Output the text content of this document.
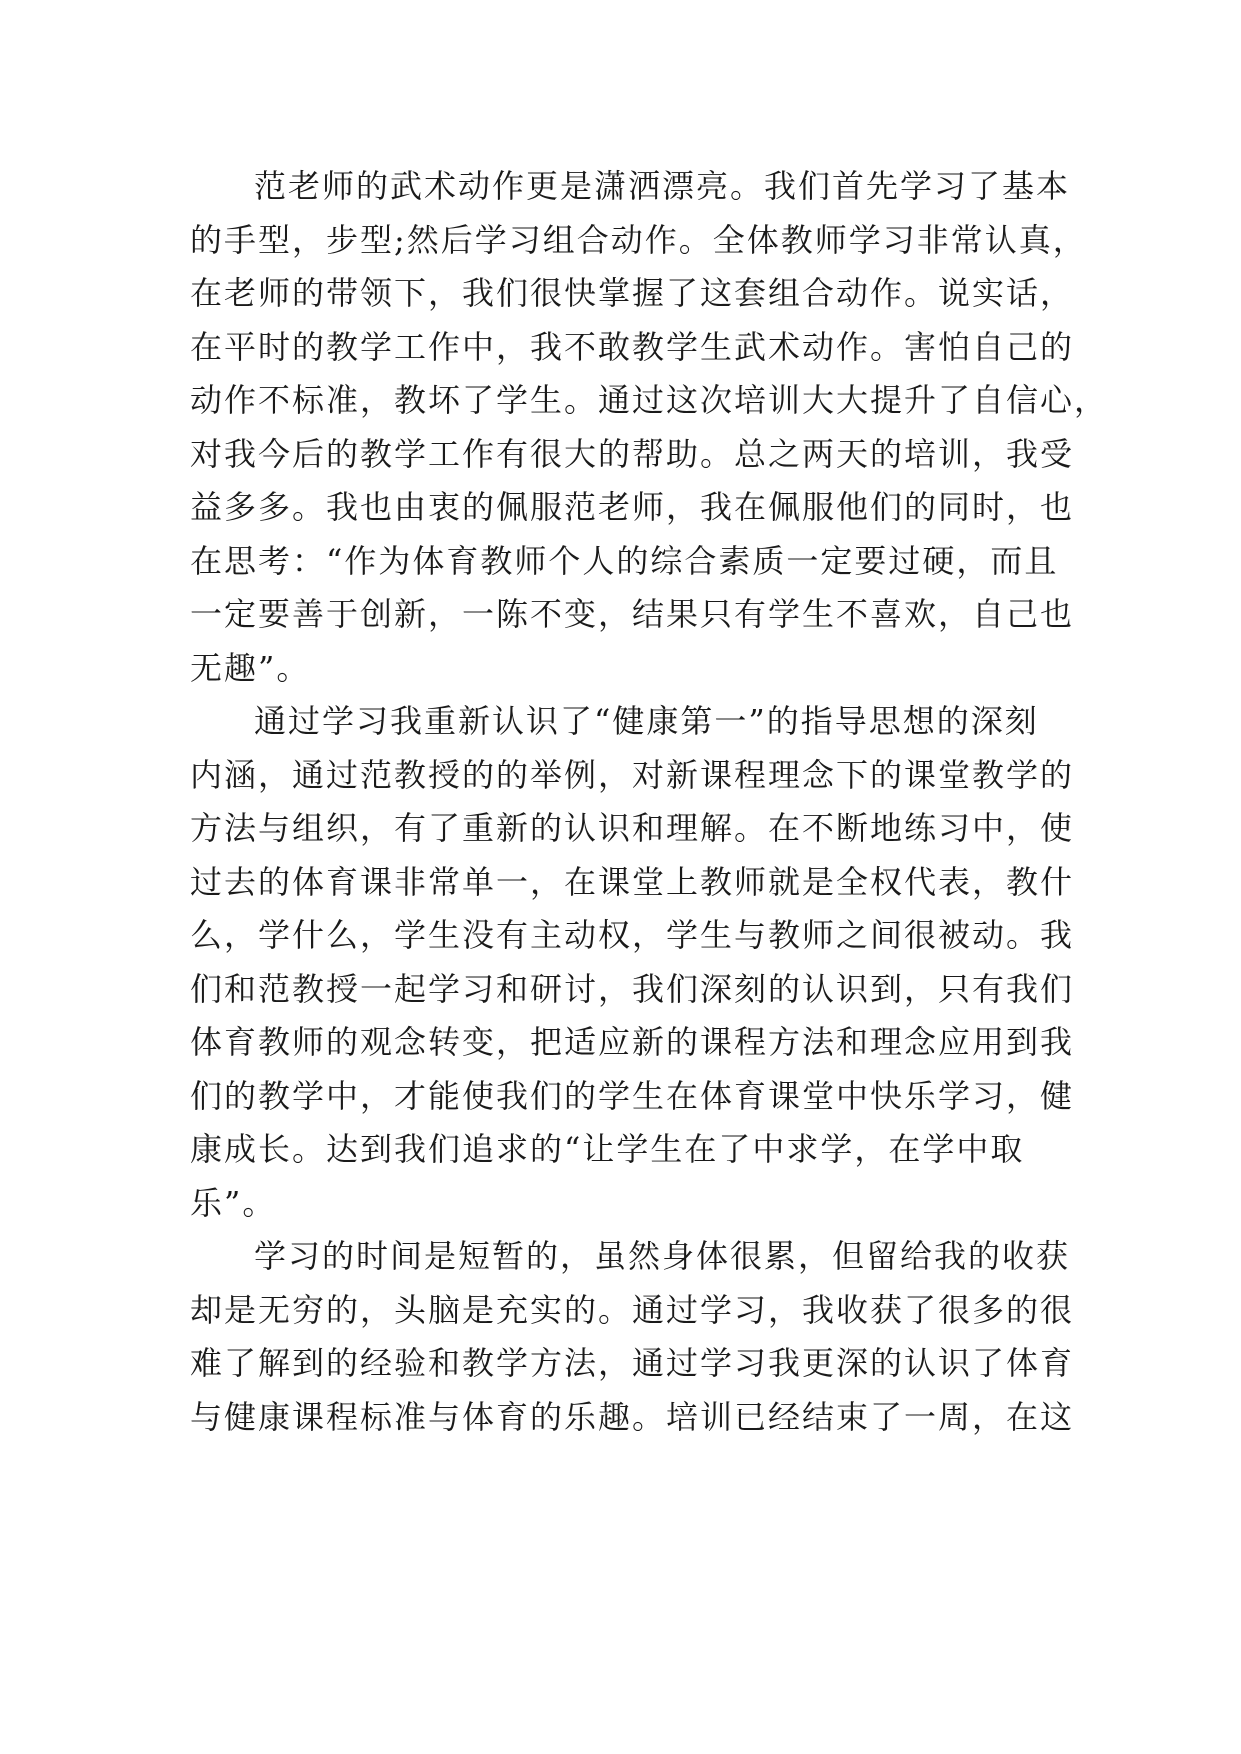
范老师的武术动作更是潇洒漂亮。我们首先学习了基本
的手型，步型;然后学习组合动作。全体教师学习非常认真，
在老师的带领下，我们很快掌握了这套组合动作。说实话，
在平时的教学工作中，我不敢教学生武术动作。害怕自己的
动作不标准，教坏了学生。通过这次培训大大提升了自信心，
对我今后的教学工作有很大的帮助。总之两天的培训，我受
益多多。我也由衷的佩服范老师，我在佩服他们的同时，也
在思考：“作为体育教师个人的综合素质一定要过硬，而且
一定要善于创新，一陈不变，结果只有学生不喜欢，自己也
无趣”。

通过学习我重新认识了“健康第一”的指导思想的深刻
内涵，通过范教授的的举例，对新课程理念下的课堂教学的
方法与组织，有了重新的认识和理解。在不断地练习中，使
过去的体育课非常单一，在课堂上教师就是全权代表，教什
么，学什么，学生没有主动权，学生与教师之间很被动。我
们和范教授一起学习和研讨，我们深刻的认识到，只有我们
体育教师的观念转变，把适应新的课程方法和理念应用到我
们的教学中，才能使我们的学生在体育课堂中快乐学习，健
康成长。达到我们追求的“让学生在了中求学，在学中取
乐”。

学习的时间是短暂的，虽然身体很累，但留给我的收获
却是无穷的，头脑是充实的。通过学习，我收获了很多的很
难了解到的经验和教学方法，通过学习我更深的认识了体育
与健康课程标准与体育的乐趣。培训已经结束了一周，在这
